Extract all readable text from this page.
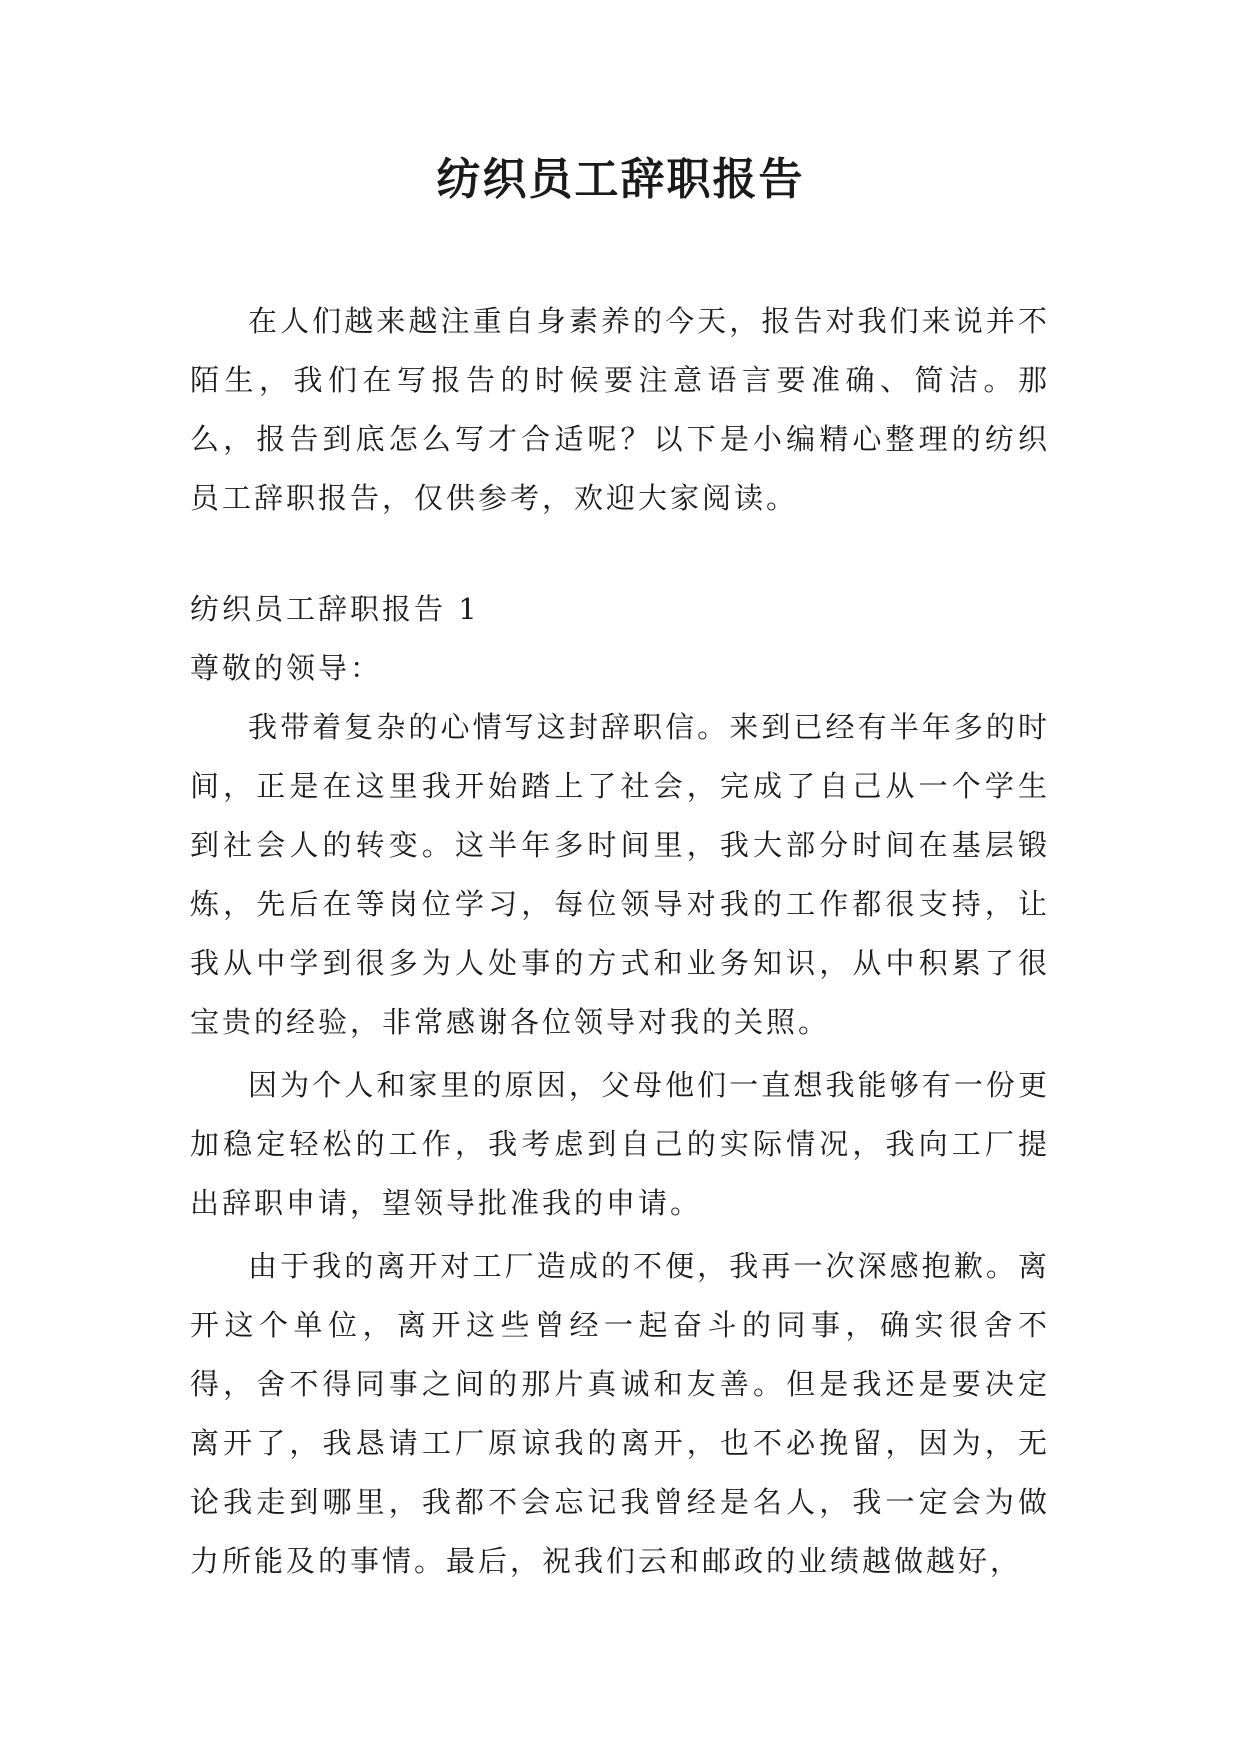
纺织员工辞职报告

在人们越来越注重自身素养的今天，报告对我们来说并不陌生，我们在写报告的时候要注意语言要准确、简洁。那么，报告到底怎么写才合适呢？以下是小编精心整理的纺织员工辞职报告，仅供参考，欢迎大家阅读。

纺织员工辞职报告 1

尊敬的领导：

我带着复杂的心情写这封辞职信。来到已经有半年多的时间，正是在这里我开始踏上了社会，完成了自己从一个学生到社会人的转变。这半年多时间里，我大部分时间在基层锻炼，先后在等岗位学习，每位领导对我的工作都很支持，让我从中学到很多为人处事的方式和业务知识，从中积累了很宝贵的经验，非常感谢各位领导对我的关照。

因为个人和家里的原因，父母他们一直想我能够有一份更加稳定轻松的工作，我考虑到自己的实际情况，我向工厂提出辞职申请，望领导批准我的申请。

由于我的离开对工厂造成的不便，我再一次深感抱歉。离开这个单位，离开这些曾经一起奋斗的同事，确实很舍不得，舍不得同事之间的那片真诚和友善。但是我还是要决定离开了，我恳请工厂原谅我的离开，也不必挽留，因为，无论我走到哪里，我都不会忘记我曾经是名人，我一定会为做力所能及的事情。最后，祝我们云和邮政的业绩越做越好，
